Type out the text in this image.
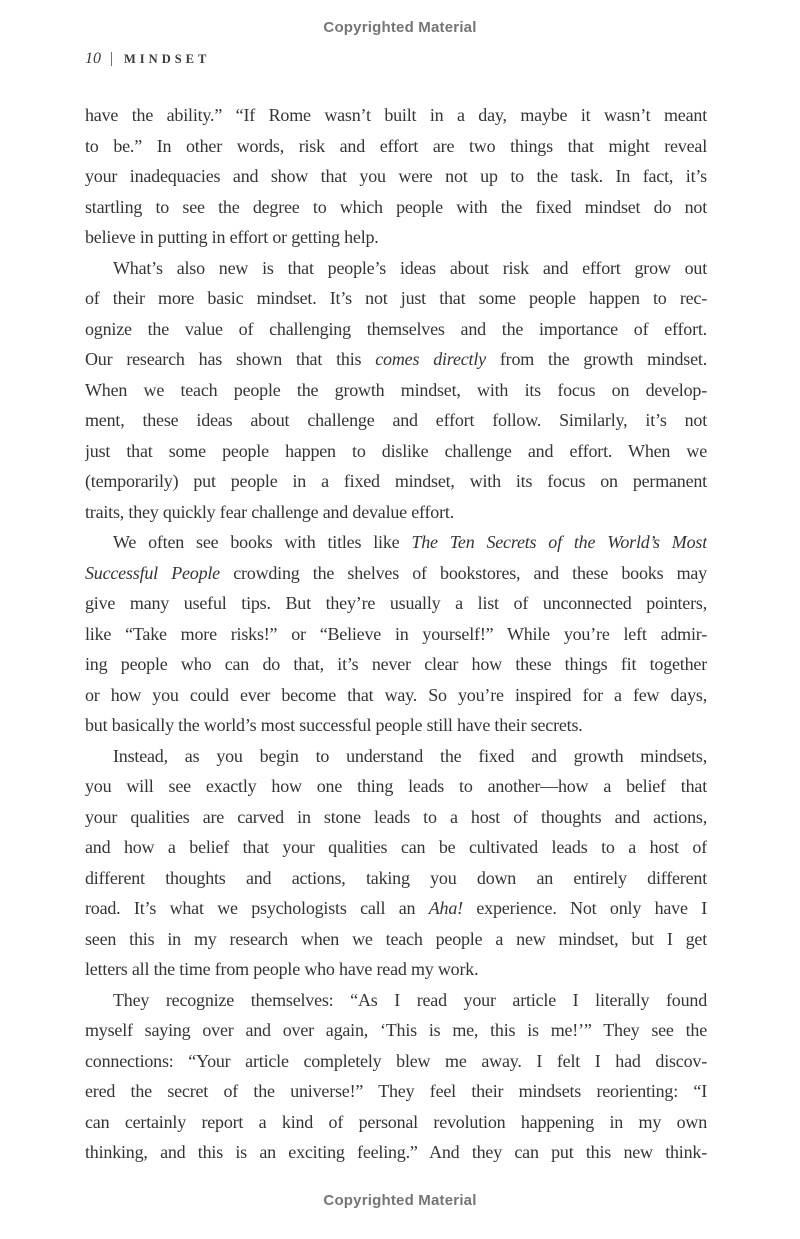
Copyrighted Material
10 MINDSET
have the ability.” “If Rome wasn’t built in a day, maybe it wasn’t meant
to be.” In other words, risk and effort are two things that might reveal
your inadequacies and show that you were not up to the task. In fact, it’s
startling to see the degree to which people with the fixed mindset do not
believe in putting in effort or getting help.
What’s also new is that people’s ideas about risk and effort grow out
of their more basic mindset. It’s not just that some people happen to rec-
ognize the value of challenging themselves and the importance of effort.
Our research has shown that this comes directly from the growth mindset.
When we teach people the growth mindset, with its focus on develop-
ment, these ideas about challenge and effort follow. Similarly, it’s not
just that some people happen to dislike challenge and effort. When we
(temporarily) put people in a fixed mindset, with its focus on permanent
traits, they quickly fear challenge and devalue effort.
We often see books with titles like The Ten Secrets of the World’s Most
Successful People crowding the shelves of bookstores, and these books may
give many useful tips. But they’re usually a list of unconnected pointers,
like “Take more risks!” or “Believe in yourself!” While you’re left admir-
ing people who can do that, it’s never clear how these things fit together
or how you could ever become that way. So you’re inspired for a few days,
but basically the world’s most successful people still have their secrets.
Instead, as you begin to understand the fixed and growth mindsets,
you will see exactly how one thing leads to another—how a belief that
your qualities are carved in stone leads to a host of thoughts and actions,
and how a belief that your qualities can be cultivated leads to a host of
different thoughts and actions, taking you down an entirely different
road. It’s what we psychologists call an Aha! experience. Not only have I
seen this in my research when we teach people a new mindset, but I get
letters all the time from people who have read my work.
They recognize themselves: “As I read your article I literally found
myself saying over and over again, ‘This is me, this is me!’” They see the
connections: “Your article completely blew me away. I felt I had discov-
ered the secret of the universe!” They feel their mindsets reorienting: “I
can certainly report a kind of personal revolution happening in my own
thinking, and this is an exciting feeling.” And they can put this new think-
Copyrighted Material
